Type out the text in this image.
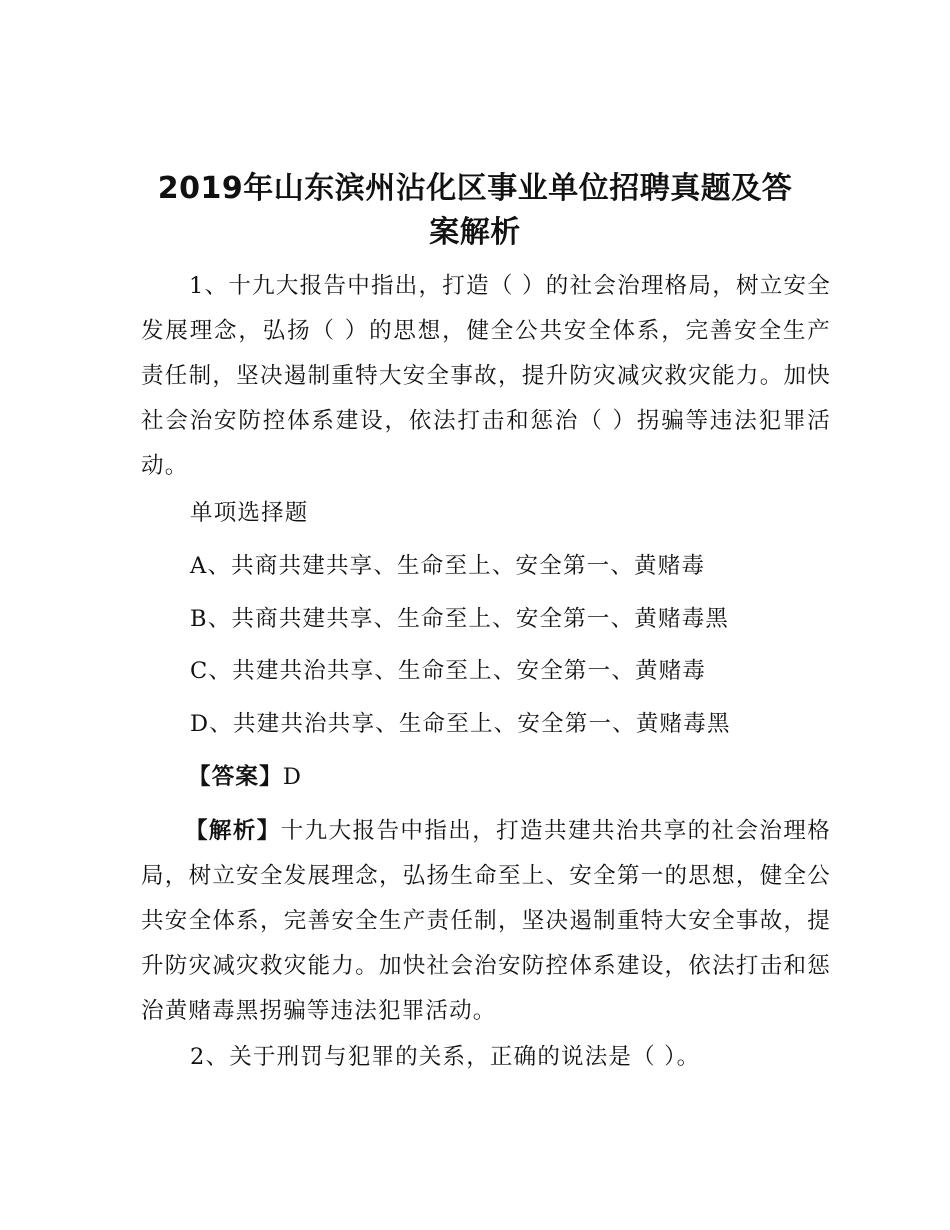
2019年山东滨州沾化区事业单位招聘真题及答
案解析

1、十九大报告中指出，打造（ ）的社会治理格局，树立安全发展理念，弘扬（ ）的思想，健全公共安全体系，完善安全生产责任制，坚决遏制重特大安全事故，提升防灾减灾救灾能力。加快社会治安防控体系建设，依法打击和惩治（ ）拐骗等违法犯罪活动。

单项选择题

A、共商共建共享、生命至上、安全第一、黄赌毒

B、共商共建共享、生命至上、安全第一、黄赌毒黑

C、共建共治共享、生命至上、安全第一、黄赌毒

D、共建共治共享、生命至上、安全第一、黄赌毒黑

【答案】D

【解析】十九大报告中指出，打造共建共治共享的社会治理格局，树立安全发展理念，弘扬生命至上、安全第一的思想，健全公共安全体系，完善安全生产责任制，坚决遏制重特大安全事故，提升防灾减灾救灾能力。加快社会治安防控体系建设，依法打击和惩治黄赌毒黑拐骗等违法犯罪活动。

2、关于刑罚与犯罪的关系，正确的说法是（ ）。
